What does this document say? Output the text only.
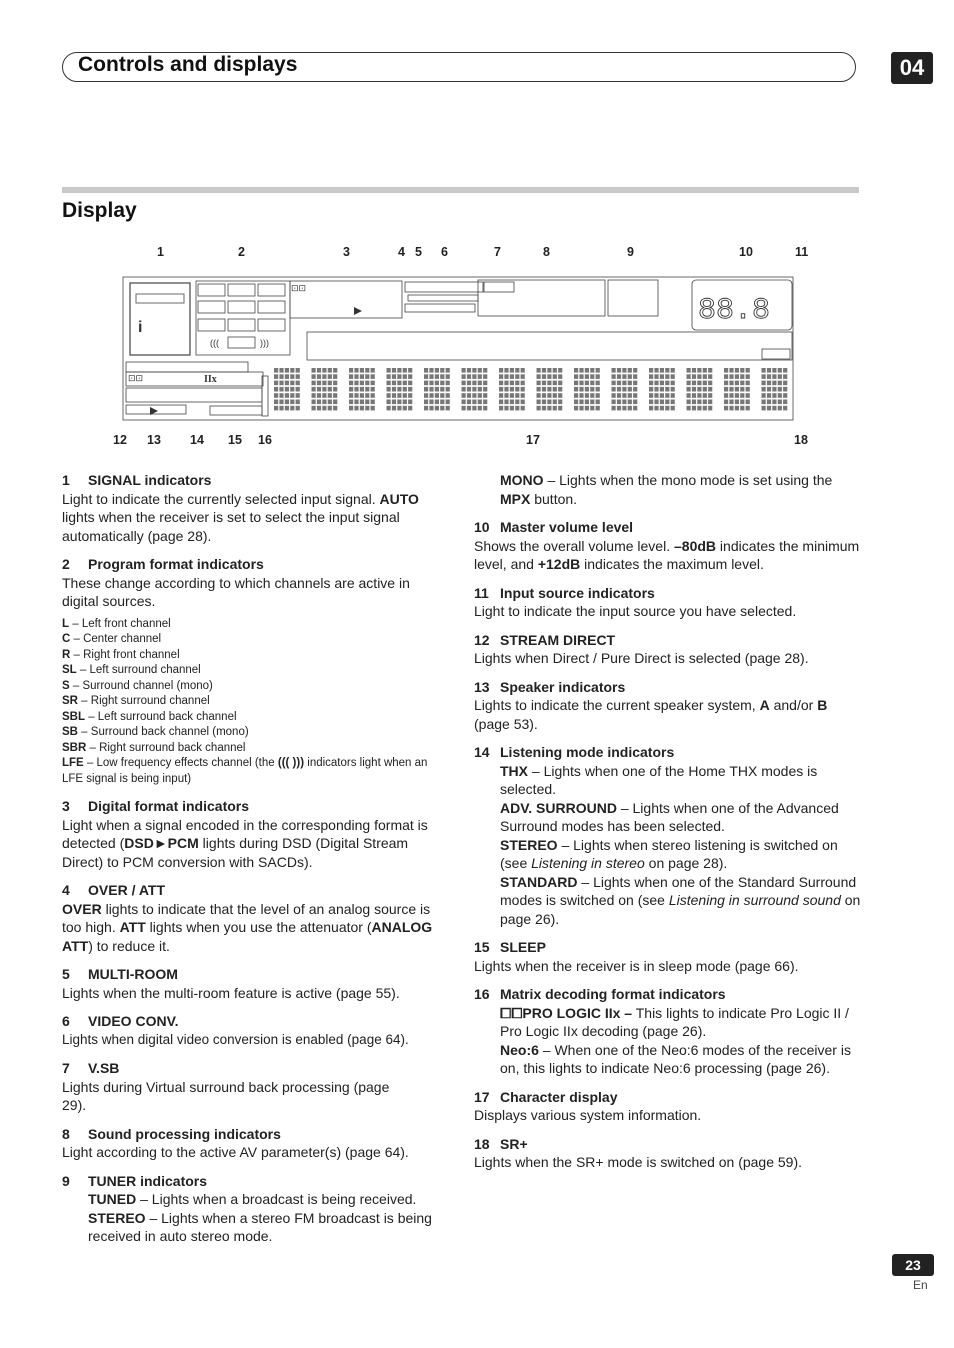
Controls and displays	04
Display
i
⊡⊡
(((	)))
⊡⊡	IIx
88.8
1	2	3	4 5 6	7	8	9	10	11
12 13 14 15 16	17	18

1 SIGNAL indicators

Light to indicate the currently selected input signal. AUTO lights when the receiver is set to select the input signal automatically (page 28).

2 Program format indicators

These change according to which channels are active in digital sources.

L – Left front channel

C – Center channel

R – Right front channel

SL – Left surround channel

S – Surround channel (mono)

SR – Right surround channel

SBL – Left surround back channel

SB – Surround back channel (mono)

SBR – Right surround back channel

LFE – Low frequency effects channel (the ((( ))) indicators light when an LFE signal is being input)

3 Digital format indicators

Light when a signal encoded in the corresponding format is detected (DSD►PCM lights during DSD (Digital Stream Direct) to PCM conversion with SACDs).

4 OVER / ATT

OVER lights to indicate that the level of an analog source is too high. ATT lights when you use the attenuator (ANALOG ATT) to reduce it.

5 MULTI-ROOM

Lights when the multi-room feature is active (page 55).

6 VIDEO CONV.

Lights when digital video conversion is enabled (page 64).

7 V.SB

Lights during Virtual surround back processing (page 29).

8 Sound processing indicators

Light according to the active AV parameter(s) (page 64).

9 TUNER indicators

TUNED – Lights when a broadcast is being received.

STEREO – Lights when a stereo FM broadcast is being received in auto stereo mode.

MONO – Lights when the mono mode is set using the MPX button.

10 Master volume level

Shows the overall volume level. –80dB indicates the minimum level, and +12dB indicates the maximum level.

11 Input source indicators

Light to indicate the input source you have selected.

12 STREAM DIRECT

Lights when Direct / Pure Direct is selected (page 28).

13 Speaker indicators

Lights to indicate the current speaker system, A and/or B (page 53).

14 Listening mode indicators

THX – Lights when one of the Home THX modes is selected.

ADV. SURROUND – Lights when one of the Advanced Surround modes has been selected.

STEREO – Lights when stereo listening is switched on (see Listening in stereo on page 28).

STANDARD – Lights when one of the Standard Surround modes is switched on (see Listening in surround sound on page 26).

15 SLEEP

Lights when the receiver is in sleep mode (page 66).

16 Matrix decoding format indicators

⧠⧠PRO LOGIC IIx – This lights to indicate Pro Logic II / Pro Logic IIx decoding (page 26).

Neo:6 – When one of the Neo:6 modes of the receiver is on, this lights to indicate Neo:6 processing (page 26).

17 Character display

Displays various system information.

18 SR+

Lights when the SR+ mode is switched on (page 59).

23
En
